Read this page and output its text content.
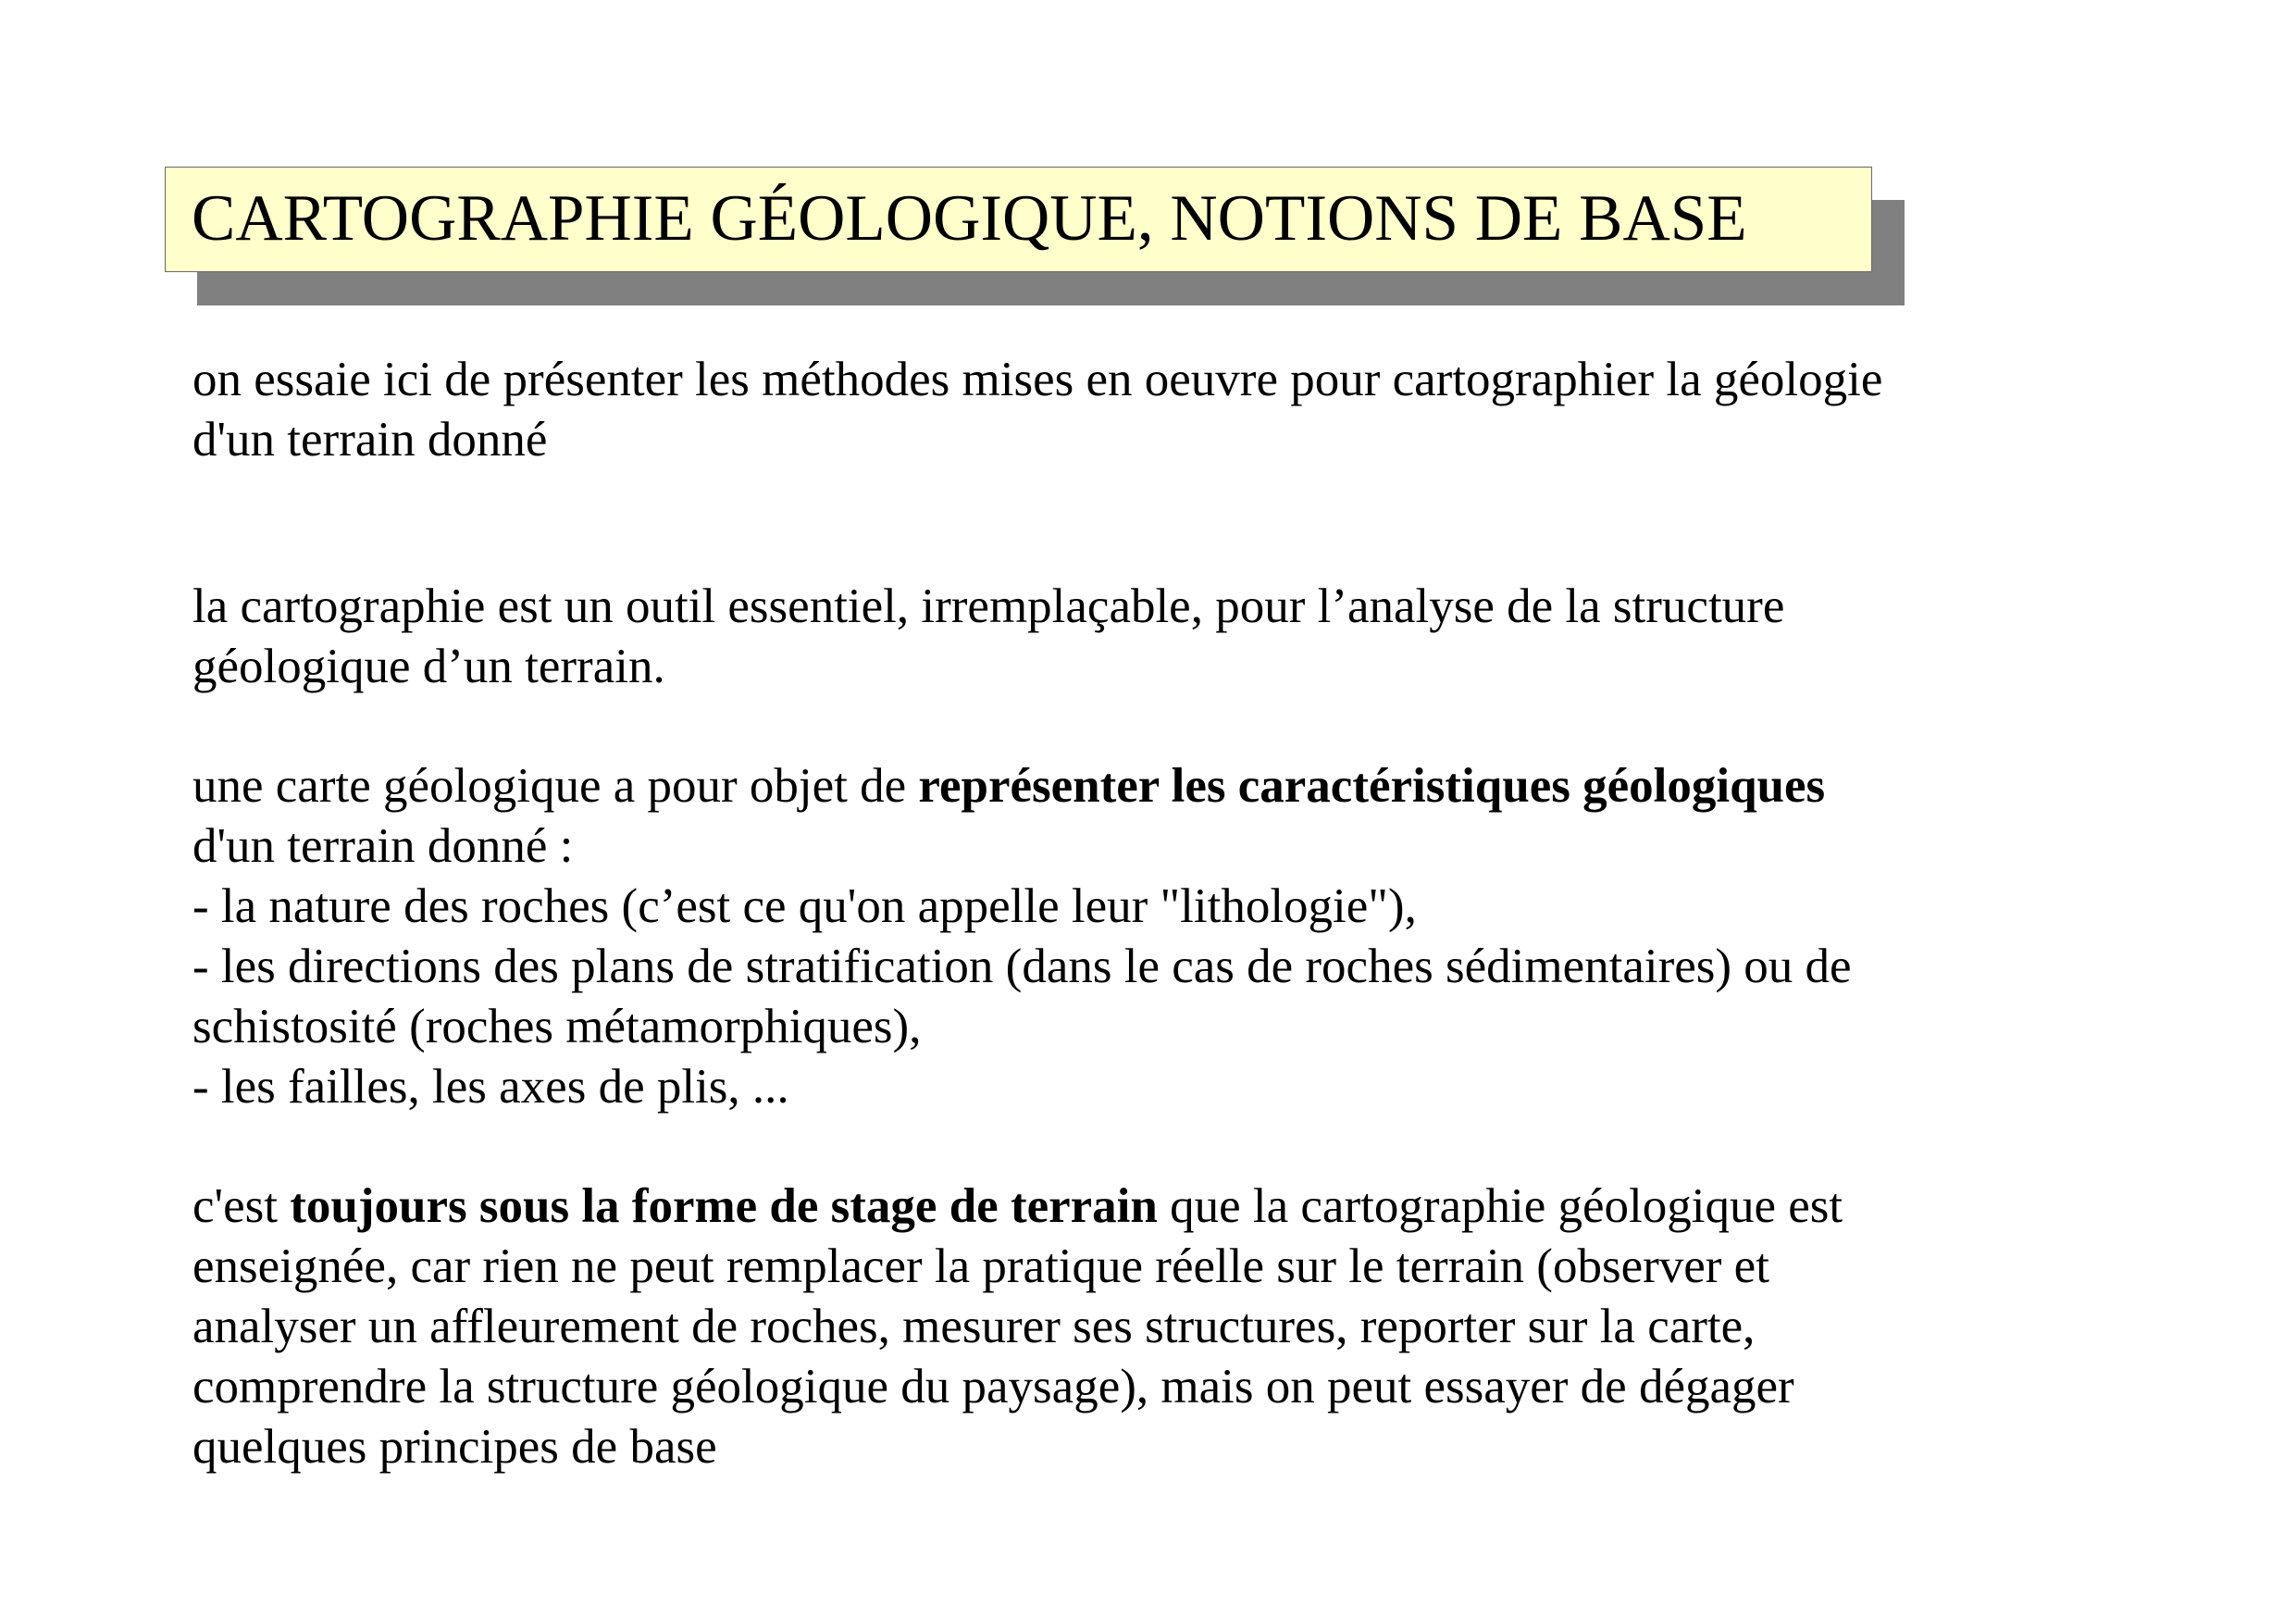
CARTOGRAPHIE GÉOLOGIQUE, NOTIONS DE BASE

on essaie ici de présenter les méthodes mises en oeuvre pour cartographier la géologie
d'un terrain donné

la cartographie est un outil essentiel, irremplaçable, pour l’analyse de la structure
géologique d’un terrain.

une carte géologique a pour objet de représenter les caractéristiques géologiques
d'un terrain donné :
- la nature des roches (c’est ce qu'on appelle leur "lithologie"),
- les directions des plans de stratification (dans le cas de roches sédimentaires) ou de
schistosité (roches métamorphiques),
- les failles, les axes de plis, ...

c'est toujours sous la forme de stage de terrain que la cartographie géologique est
enseignée, car rien ne peut remplacer la pratique réelle sur le terrain (observer et
analyser un affleurement de roches, mesurer ses structures, reporter sur la carte,
comprendre la structure géologique du paysage), mais on peut essayer de dégager
quelques principes de base
